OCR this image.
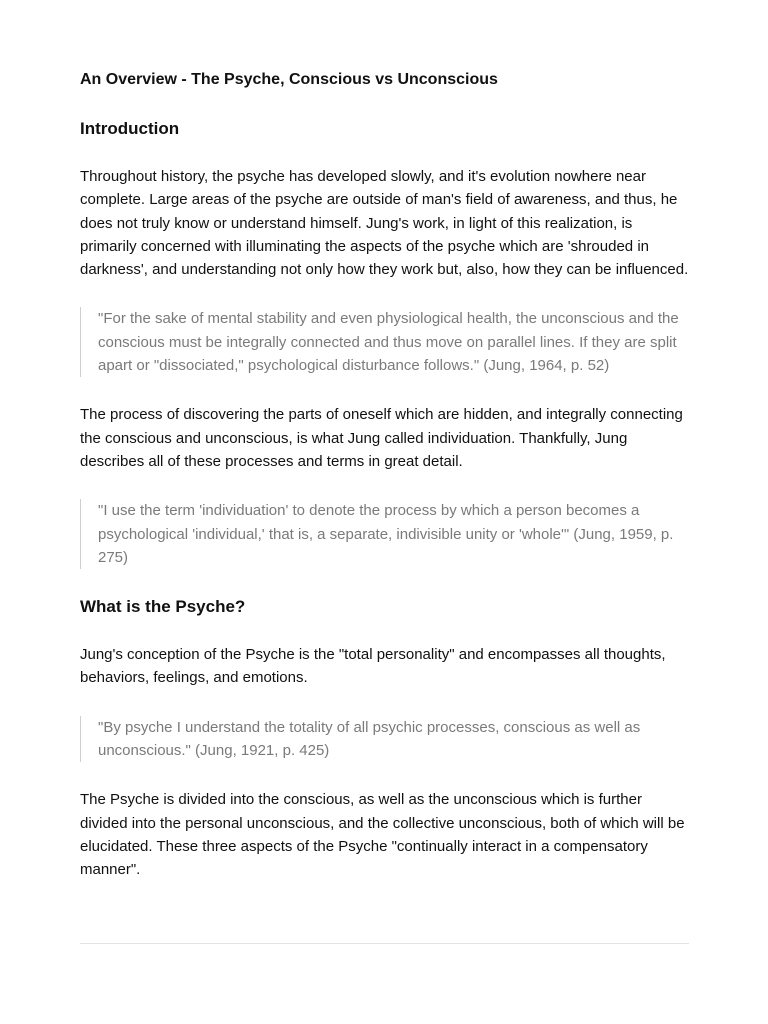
An Overview - The Psyche, Conscious vs Unconscious
Introduction

Throughout history, the psyche has developed slowly, and it's evolution nowhere near complete. Large areas of the psyche are outside of man's field of awareness, and thus, he does not truly know or understand himself. Jung's work, in light of this realization, is primarily concerned with illuminating the aspects of the psyche which are 'shrouded in darkness', and understanding not only how they work but, also, how they can be influenced.

"For the sake of mental stability and even physiological health, the unconscious and the conscious must be integrally connected and thus move on parallel lines. If they are split apart or "dissociated," psychological disturbance follows." (Jung, 1964, p. 52)

The process of discovering the parts of oneself which are hidden, and integrally connecting the conscious and unconscious, is what Jung called individuation. Thankfully, Jung describes all of these processes and terms in great detail.

"I use the term 'individuation' to denote the process by which a person becomes a psychological 'individual,' that is, a separate, indivisible unity or 'whole'" (Jung, 1959, p. 275)
What is the Psyche?

Jung's conception of the Psyche is the "total personality" and encompasses all thoughts, behaviors, feelings, and emotions.

"By psyche I understand the totality of all psychic processes, conscious as well as unconscious." (Jung, 1921, p. 425)

The Psyche is divided into the conscious, as well as the unconscious which is further divided into the personal unconscious, and the collective unconscious, both of which will be elucidated. These three aspects of the Psyche "continually interact in a compensatory manner".
